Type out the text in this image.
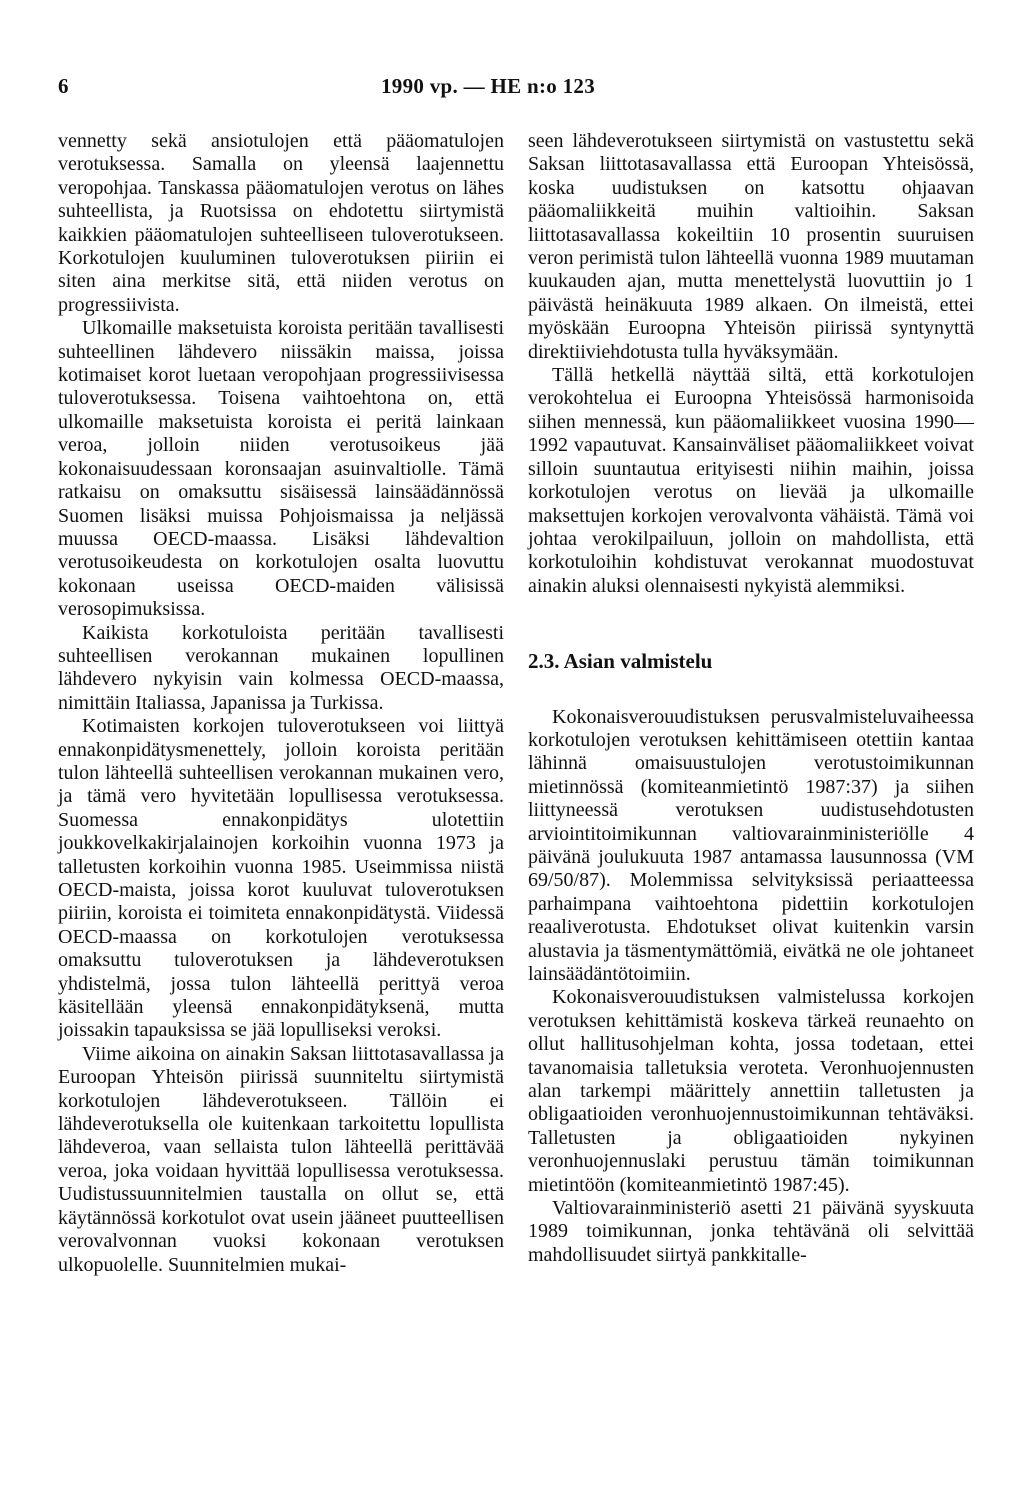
6	1990 vp. — HE n:o 123

vennetty sekä ansiotulojen että pääomatulojen verotuksessa. Samalla on yleensä laajennettu veropohjaa. Tanskassa pääomatulojen verotus on lähes suhteellista, ja Ruotsissa on ehdotettu siirtymistä kaikkien pääomatulojen suhteelliseen tuloverotukseen. Korkotulojen kuuluminen tuloverotuksen piiriin ei siten aina merkitse sitä, että niiden verotus on progressiivista.

Ulkomaille maksetuista koroista peritään tavallisesti suhteellinen lähdevero niissäkin maissa, joissa kotimaiset korot luetaan veropohjaan progressiivisessa tuloverotuksessa. Toisena vaihtoehtona on, että ulkomaille maksetuista koroista ei peritä lainkaan veroa, jolloin niiden verotusoikeus jää kokonaisuudessaan koronsaajan asuinvaltiolle. Tämä ratkaisu on omaksuttu sisäisessä lainsäädännössä Suomen lisäksi muissa Pohjoismaissa ja neljässä muussa OECD-maassa. Lisäksi lähdevaltion verotusoikeudesta on korkotulojen osalta luovuttu kokonaan useissa OECD-maiden välisissä verosopimuksissa.

Kaikista korkotuloista peritään tavallisesti suhteellisen verokannan mukainen lopullinen lähdevero nykyisin vain kolmessa OECD-maassa, nimittäin Italiassa, Japanissa ja Turkissa.

Kotimaisten korkojen tuloverotukseen voi liittyä ennakonpidätysmenettely, jolloin koroista peritään tulon lähteellä suhteellisen verokannan mukainen vero, ja tämä vero hyvitetään lopullisessa verotuksessa. Suomessa ennakonpidätys ulotettiin joukkovelkakirjalainojen korkoihin vuonna 1973 ja talletusten korkoihin vuonna 1985. Useimmissa niistä OECD-maista, joissa korot kuuluvat tuloverotuksen piiriin, koroista ei toimiteta ennakonpidätystä. Viidessä OECD-maassa on korkotulojen verotuksessa omaksuttu tuloverotuksen ja lähdeverotuksen yhdistelmä, jossa tulon lähteellä perittyä veroa käsitellään yleensä ennakonpidätyksenä, mutta joissakin tapauksissa se jää lopulliseksi veroksi.

Viime aikoina on ainakin Saksan liittotasavallassa ja Euroopan Yhteisön piirissä suunniteltu siirtymistä korkotulojen lähdeverotukseen. Tällöin ei lähdeverotuksella ole kuitenkaan tarkoitettu lopullista lähdeveroa, vaan sellaista tulon lähteellä perittävää veroa, joka voidaan hyvittää lopullisessa verotuksessa. Uudistussuunnitelmien taustalla on ollut se, että käytännössä korkotulot ovat usein jääneet puutteellisen verovalvonnan vuoksi kokonaan verotuksen ulkopuolelle. Suunnitelmien mukai-

seen lähdeverotukseen siirtymistä on vastustettu sekä Saksan liittotasavallassa että Euroopan Yhteisössä, koska uudistuksen on katsottu ohjaavan pääomaliikkeitä muihin valtioihin. Saksan liittotasavallassa kokeiltiin 10 prosentin suuruisen veron perimistä tulon lähteellä vuonna 1989 muutaman kuukauden ajan, mutta menettelystä luovuttiin jo 1 päivästä heinäkuuta 1989 alkaen. On ilmeistä, ettei myöskään Euroopna Yhteisön piirissä syntynyttä direktiiviehdotusta tulla hyväksymään.

Tällä hetkellä näyttää siltä, että korkotulojen verokohtelua ei Euroopna Yhteisössä harmonisoida siihen mennessä, kun pääomaliikkeet vuosina 1990—1992 vapautuvat. Kansainväliset pääomaliikkeet voivat silloin suuntautua erityisesti niihin maihin, joissa korkotulojen verotus on lievää ja ulkomaille maksettujen korkojen verovalvonta vähäistä. Tämä voi johtaa verokilpailuun, jolloin on mahdollista, että korkotuloihin kohdistuvat verokannat muodostuvat ainakin aluksi olennaisesti nykyistä alemmiksi.

2.3. Asian valmistelu

Kokonaisverouudistuksen perusvalmisteluvaiheessa korkotulojen verotuksen kehittämiseen otettiin kantaa lähinnä omaisuustulojen verotustoimikunnan mietinnössä (komiteanmietintö 1987:37) ja siihen liittyneessä verotuksen uudistusehdotusten arviointitoimikunnan valtiovarainministeriölle 4 päivänä joulukuuta 1987 antamassa lausunnossa (VM 69/50/87). Molemmissa selvityksissä periaatteessa parhaimpana vaihtoehtona pidettiin korkotulojen reaaliverotusta. Ehdotukset olivat kuitenkin varsin alustavia ja täsmentymättömiä, eivätkä ne ole johtaneet lainsäädäntötoimiin.

Kokonaisverouudistuksen valmistelussa korkojen verotuksen kehittämistä koskeva tärkeä reunaehto on ollut hallitusohjelman kohta, jossa todetaan, ettei tavanomaisia talletuksia veroteta. Veronhuojennusten alan tarkempi määrittely annettiin talletusten ja obligaatioiden veronhuojennustoimikunnan tehtäväksi. Talletusten ja obligaatioiden nykyinen veronhuojennuslaki perustuu tämän toimikunnan mietintöön (komiteanmietintö 1987:45).

Valtiovarainministeriö asetti 21 päivänä syyskuuta 1989 toimikunnan, jonka tehtävänä oli selvittää mahdollisuudet siirtyä pankkitalle-
